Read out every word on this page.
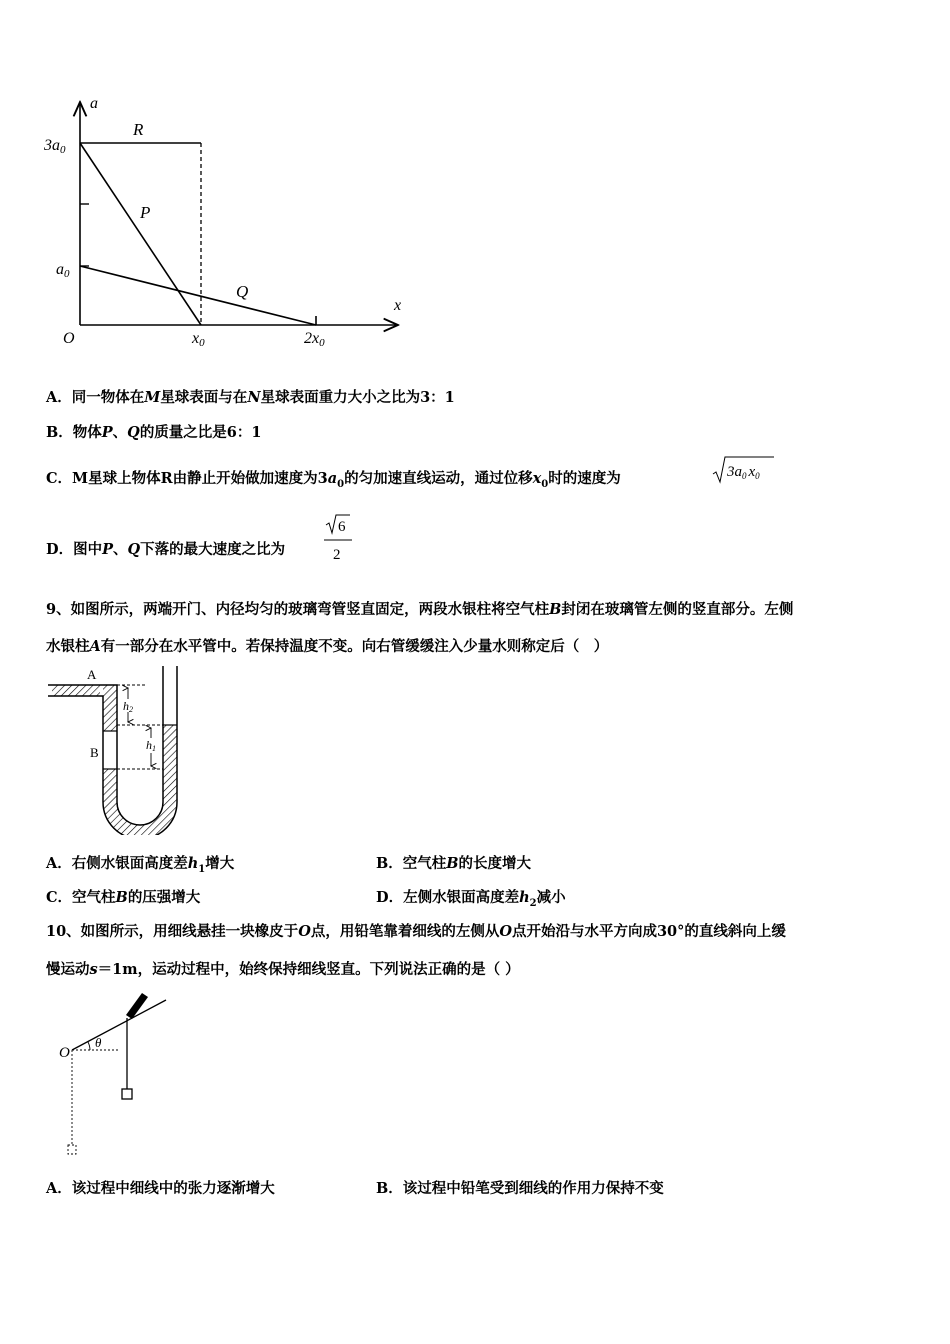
a
x
O
3a0
a0
x0	2x0
R
P
Q
A．同一物体在M星球表面与在N星球表面重力大小之比为3：1
B．物体P、Q的质量之比是6：1
C．M星球上物体R由静止开始做加速度为$3a_0$的匀加速直线运动，通过位移$x_0$时的速度为	$3a_0$ $x_0$
D．图中P、Q下落的最大速度之比为
6
2
9、如图所示，两端开门、内径均匀的玻璃弯管竖直固定，两段水银柱将空气柱B封闭在玻璃管左侧的竖直部分。左侧
水银柱A有一部分在水平管中。若保持温度不变。向右管缓缓注入少量水则称定后（　）
A
B
h2
h1
A．右侧水银面高度差$h_1$增大	B．空气柱B的长度增大
C．空气柱B的压强增大	D．左侧水银面高度差$h_2$减小
10、如图所示，用细线悬挂一块橡皮于O点，用铅笔靠着细线的左侧从O点开始沿与水平方向成30°的直线斜向上缓
慢运动s＝1m，运动过程中，始终保持细线竖直。下列说法正确的是（ ）
O
θ
A．该过程中细线中的张力逐渐增大	B．该过程中铅笔受到细线的作用力保持不变
